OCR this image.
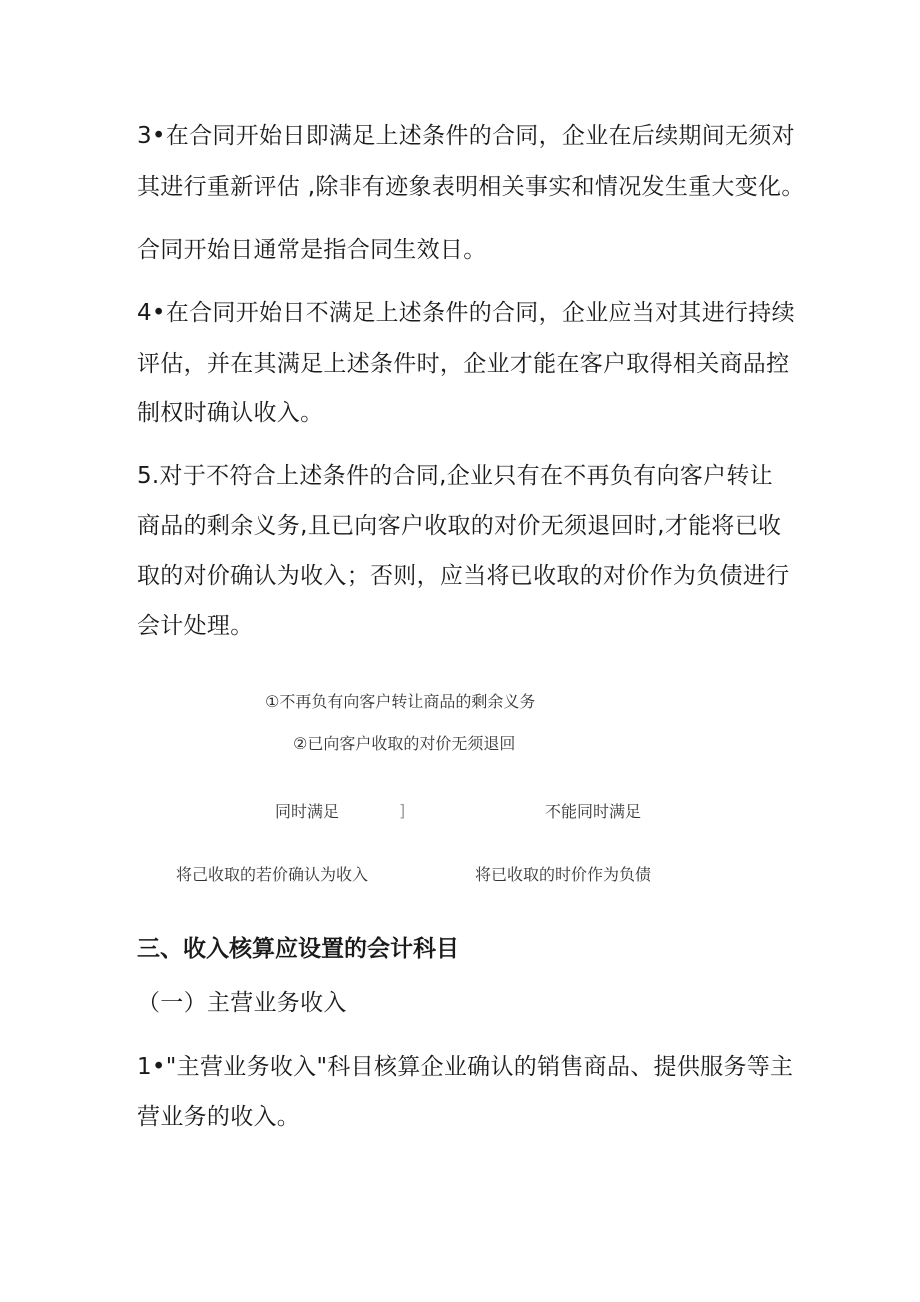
3•在合同开始日即满足上述条件的合同，企业在后续期间无须对
其进行重新评估 ,除非有迹象表明相关事实和情况发生重大变化。
合同开始日通常是指合同生效日。
4•在合同开始日不满足上述条件的合同，企业应当对其进行持续
评估，并在其满足上述条件时，企业才能在客户取得相关商品控
制权时确认收入。
5.对于不符合上述条件的合同,企业只有在不再负有向客户转让
商品的剩余义务,且已向客户收取的对价无须退回时,才能将已收
取的对价确认为收入；否则，应当将已收取的对价作为负债进行
会计处理。
①不再负有向客户转让商品的剩余义务
②已向客户收取的对价无须退回
同时满足	]	不能同时满足
将己收取的若价确认为收入	将已收取的时价作为负债
三、收入核算应设置的会计科目
（一）主营业务收入
1•"主营业务收入"科目核算企业确认的销售商品、提供服务等主
营业务的收入。
